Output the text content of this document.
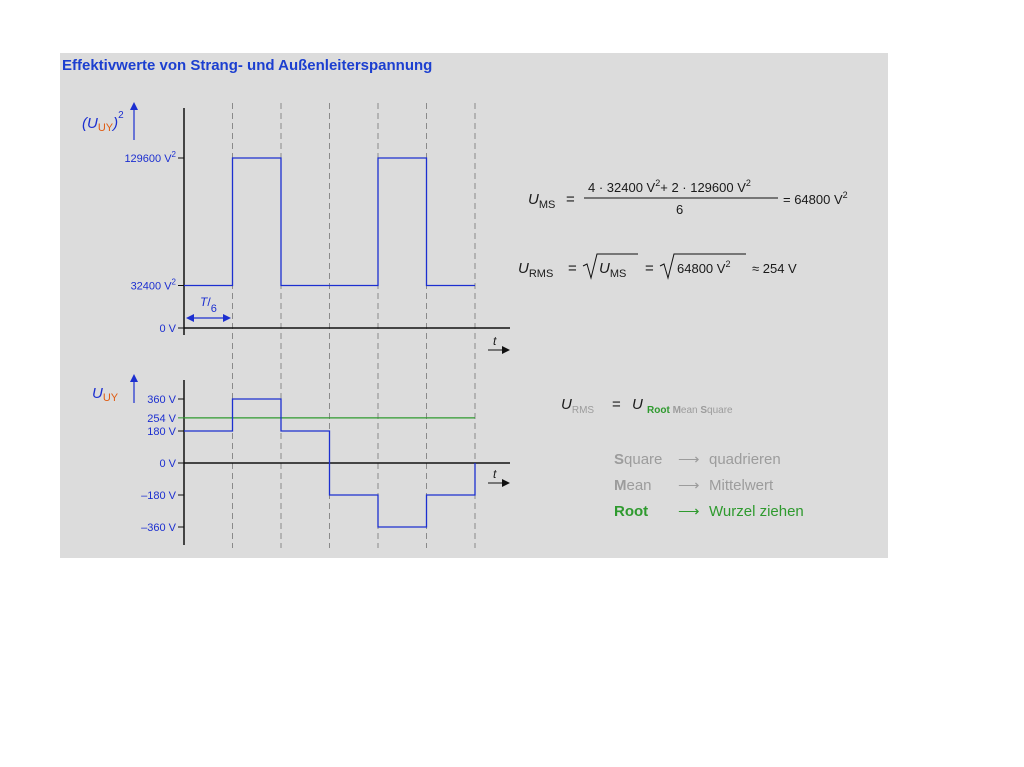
Effektivwerte von Strang- und Außenleiterspannung
129600 $V^2$
32400 $V^2$
0 V
$(U_{UY})^2$
t
T/6
360 V
254 V
180 V
0 V
–180 V
–360 V
$U_{UY}$
t
$U_{MS}$ =
4 · 32400 $V^2+ 2 \cdot 129600$ $V^2$
6
= 64800 $V^2$
$U_{RMS} = U_{MS} = 64800$ $V^2 \approx 254$ V
$U_{RMS} = U$ Root Mean Square
Square ⟶ quadrieren
Mean ⟶ Mittelwert
Root ⟶ Wurzel ziehen
